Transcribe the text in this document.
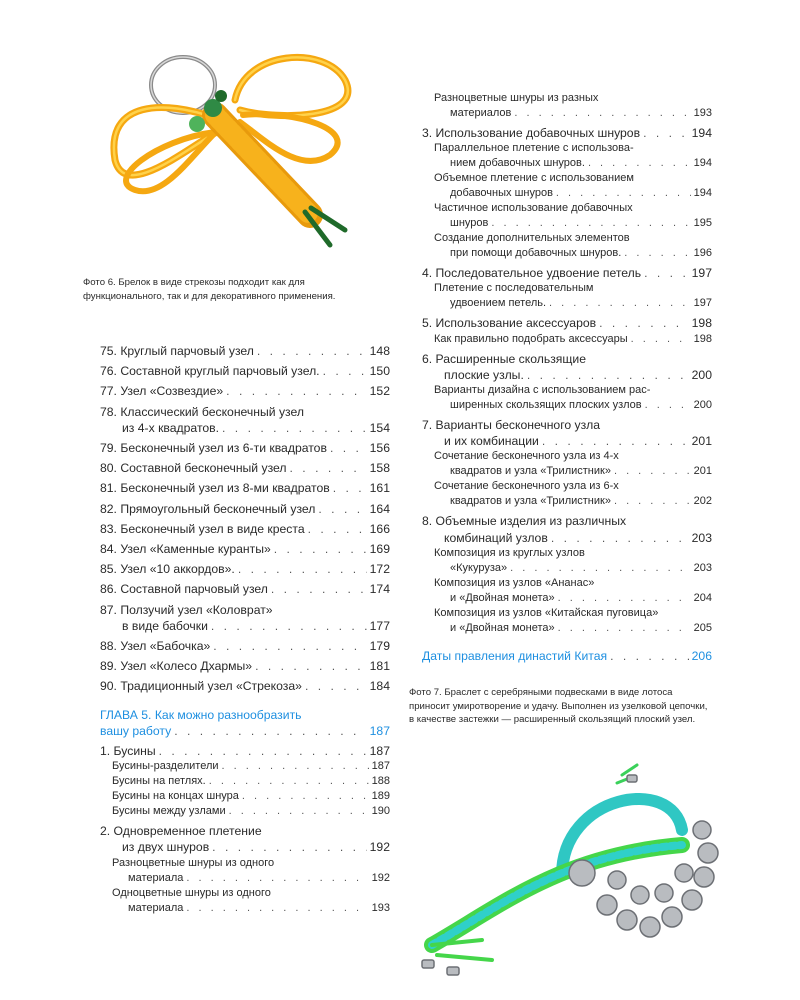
Фото 6. Брелок в виде стрекозы подходит как для функционального, так и для декоративного применения.
75. Круглый парчовый узел . . .	148
76. Составной круглый парчовый узел. . . .	150
77. Узел «Созвездие» . . .	152
78. Классический бесконечный узел
из 4-х квадратов. . . .	154
79. Бесконечный узел из 6-ти квадратов . . .	156
80. Составной бесконечный узел . . .	158
81. Бесконечный узел из 8-ми квадратов . . .	161
82. Прямоугольный бесконечный узел . . .	164
83. Бесконечный узел в виде креста . . .	166
84. Узел «Каменные куранты» . . .	169
85. Узел «10 аккордов». . . .	172
86. Составной парчовый узел . . .	174
87. Ползучий узел «Коловрат»
в виде бабочки . . .	177
88. Узел «Бабочка» . . .	179
89. Узел «Колесо Дхармы» . . .	181
90. Традиционный узел «Стрекоза» . . .	184
ГЛАВА 5. Как можно разнообразить
вашу работу . . .	187
1. Бусины . . .	187
Бусины-разделители . . .	187
Бусины на петлях. . . .	188
Бусины на концах шнура . . .	189
Бусины между узлами . . .	190
2. Одновременное плетение
из двух шнуров . . .	192
Разноцветные шнуры из одного
материала . . .	192
Одноцветные шнуры из одного
материала . . .	193
Разноцветные шнуры из разных
материалов . . .	193
3. Использование добавочных шнуров . . .	194
Параллельное плетение с использова-
нием добавочных шнуров. . . .	194
Объемное плетение с использованием
добавочных шнуров . . .	194
Частичное использование добавочных
шнуров . . .	195
Создание дополнительных элементов
при помощи добавочных шнуров. . . .	196
4. Последовательное удвоение петель . . .	197
Плетение с последовательным
удвоением петель. . . .	197
5. Использование аксессуаров . . .	198
Как правильно подобрать аксессуары . . .	198
6. Расширенные скользящие
плоские узлы. . . .	200
Варианты дизайна с использованием рас-
ширенных скользящих плоских узлов . . .	200
7. Варианты бесконечного узла
и их комбинации . . .	201
Сочетание бесконечного узла из 4-х
квадратов и узла «Трилистник» . . .	201
Сочетание бесконечного узла из 6-х
квадратов и узла «Трилистник» . . .	202
8. Объемные изделия из различных
комбинаций узлов . . .	203
Композиция из круглых узлов
«Кукуруза» . . .	203
Композиция из узлов «Ананас»
и «Двойная монета» . . .	204
Композиция из узлов «Китайская пуговица»
и «Двойная монета» . . .	205
Даты правления династий Китая . . .	206
Фото 7. Браслет с серебряными подвесками в виде лотоса приносит умиротворение и удачу. Выполнен из узелковой цепочки, в качестве застежки — расширенный скользящий плоский узел.
